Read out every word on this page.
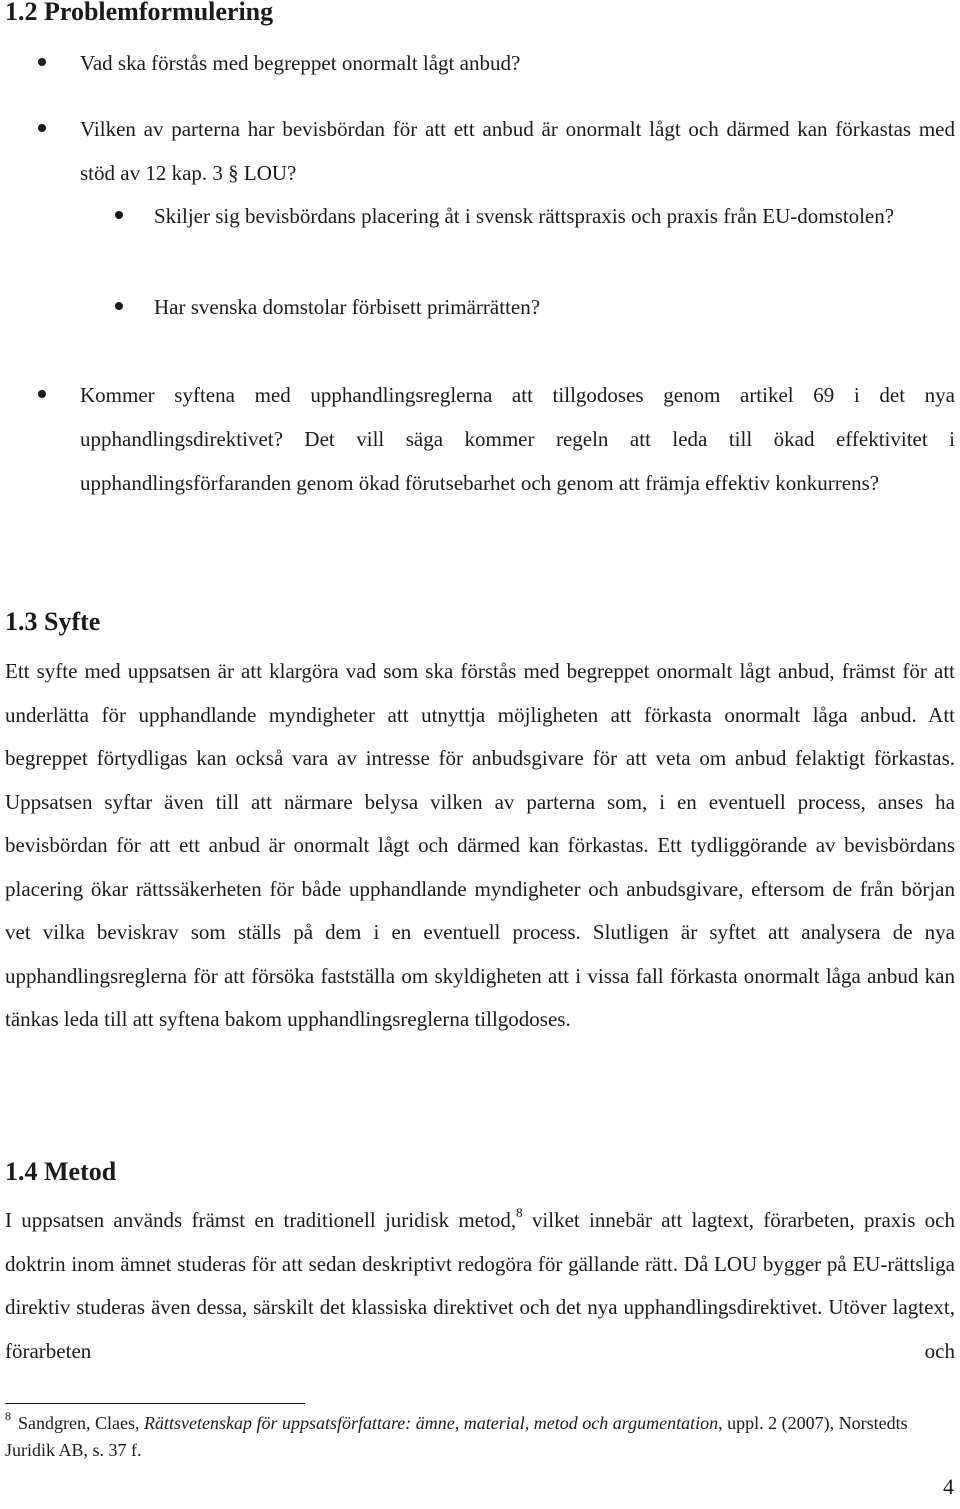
1.2 Problemformulering
Vad ska förstås med begreppet onormalt lågt anbud?
Vilken av parterna har bevisbördan för att ett anbud är onormalt lågt och därmed kan förkastas med stöd av 12 kap. 3 § LOU?
Skiljer sig bevisbördans placering åt i svensk rättspraxis och praxis från EU-domstolen?
Har svenska domstolar förbisett primärrätten?
Kommer syftena med upphandlingsreglerna att tillgodoses genom artikel 69 i det nya upphandlingsdirektivet? Det vill säga kommer regeln att leda till ökad effektivitet i upphandlingsförfaranden genom ökad förutsebarhet och genom att främja effektiv konkurrens?
1.3 Syfte
Ett syfte med uppsatsen är att klargöra vad som ska förstås med begreppet onormalt lågt anbud, främst för att underlätta för upphandlande myndigheter att utnyttja möjligheten att förkasta onormalt låga anbud. Att begreppet förtydligas kan också vara av intresse för anbudsgivare för att veta om anbud felaktigt förkastas. Uppsatsen syftar även till att närmare belysa vilken av parterna som, i en eventuell process, anses ha bevisbördan för att ett anbud är onormalt lågt och därmed kan förkastas. Ett tydliggörande av bevisbördans placering ökar rättssäkerheten för både upphandlande myndigheter och anbudsgivare, eftersom de från början vet vilka beviskrav som ställs på dem i en eventuell process. Slutligen är syftet att analysera de nya upphandlingsreglerna för att försöka fastställa om skyldigheten att i vissa fall förkasta onormalt låga anbud kan tänkas leda till att syftena bakom upphandlingsreglerna tillgodoses.
1.4 Metod
I uppsatsen används främst en traditionell juridisk metod,$^8$ vilket innebär att lagtext, förarbeten, praxis och doktrin inom ämnet studeras för att sedan deskriptivt redogöra för gällande rätt. Då LOU bygger på EU-rättsliga direktiv studeras även dessa, särskilt det klassiska direktivet och det nya upphandlingsdirektivet. Utöver lagtext, förarbeten och
$^8$ Sandgren, Claes, Rättsvetenskap för uppsatsförfattare: ämne, material, metod och argumentation, uppl. 2 (2007), Norstedts Juridik AB, s. 37 f.
4
